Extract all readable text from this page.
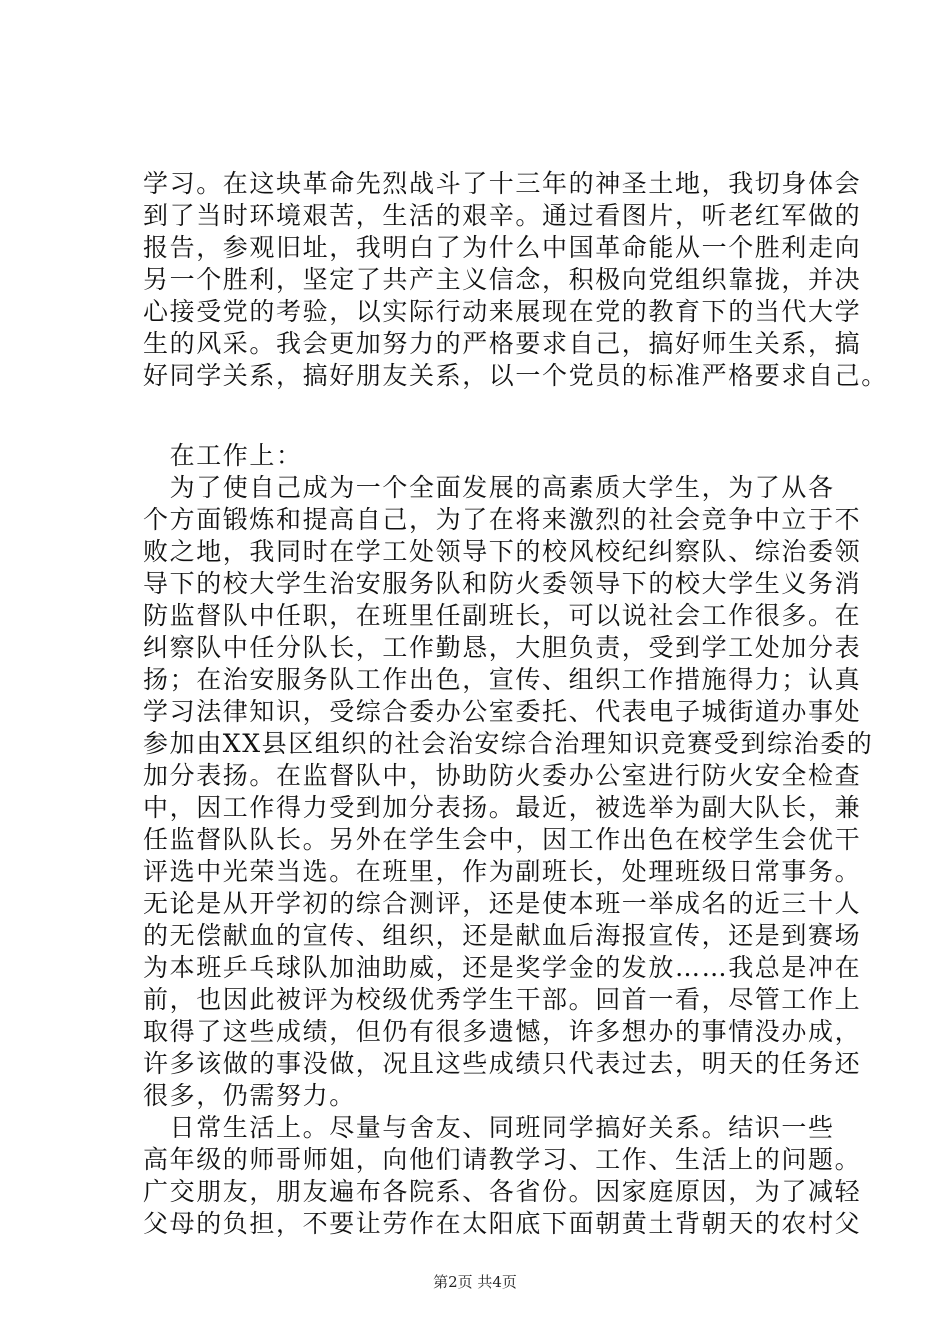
学习。在这块革命先烈战斗了十三年的神圣土地，我切身体会
到了当时环境艰苦，生活的艰辛。通过看图片，听老红军做的
报告，参观旧址，我明白了为什么中国革命能从一个胜利走向
另一个胜利，坚定了共产主义信念，积极向党组织靠拢，并决
心接受党的考验，以实际行动来展现在党的教育下的当代大学
生的风采。我会更加努力的严格要求自己，搞好师生关系，搞
好同学关系，搞好朋友关系，以一个党员的标准严格要求自己。
　在工作上：
　为了使自己成为一个全面发展的高素质大学生，为了从各
个方面锻炼和提高自己，为了在将来激烈的社会竞争中立于不
败之地，我同时在学工处领导下的校风校纪纠察队、综治委领
导下的校大学生治安服务队和防火委领导下的校大学生义务消
防监督队中任职，在班里任副班长，可以说社会工作很多。在
纠察队中任分队长，工作勤恳，大胆负责，受到学工处加分表
扬；在治安服务队工作出色，宣传、组织工作措施得力；认真
学习法律知识，受综合委办公室委托、代表电子城街道办事处
参加由XX县区组织的社会治安综合治理知识竞赛受到综治委的
加分表扬。在监督队中，协助防火委办公室进行防火安全检查
中，因工作得力受到加分表扬。最近，被选举为副大队长，兼
任监督队队长。另外在学生会中，因工作出色在校学生会优干
评选中光荣当选。在班里，作为副班长，处理班级日常事务。
无论是从开学初的综合测评，还是使本班一举成名的近三十人
的无偿献血的宣传、组织，还是献血后海报宣传，还是到赛场
为本班乒乓球队加油助威，还是奖学金的发放……我总是冲在
前，也因此被评为校级优秀学生干部。回首一看，尽管工作上
取得了这些成绩，但仍有很多遗憾，许多想办的事情没办成，
许多该做的事没做，况且这些成绩只代表过去，明天的任务还
很多，仍需努力。
　日常生活上。尽量与舍友、同班同学搞好关系。结识一些
高年级的师哥师姐，向他们请教学习、工作、生活上的问题。
广交朋友，朋友遍布各院系、各省份。因家庭原因，为了减轻
父母的负担，不要让劳作在太阳底下面朝黄土背朝天的农村父
第2页 共4页
